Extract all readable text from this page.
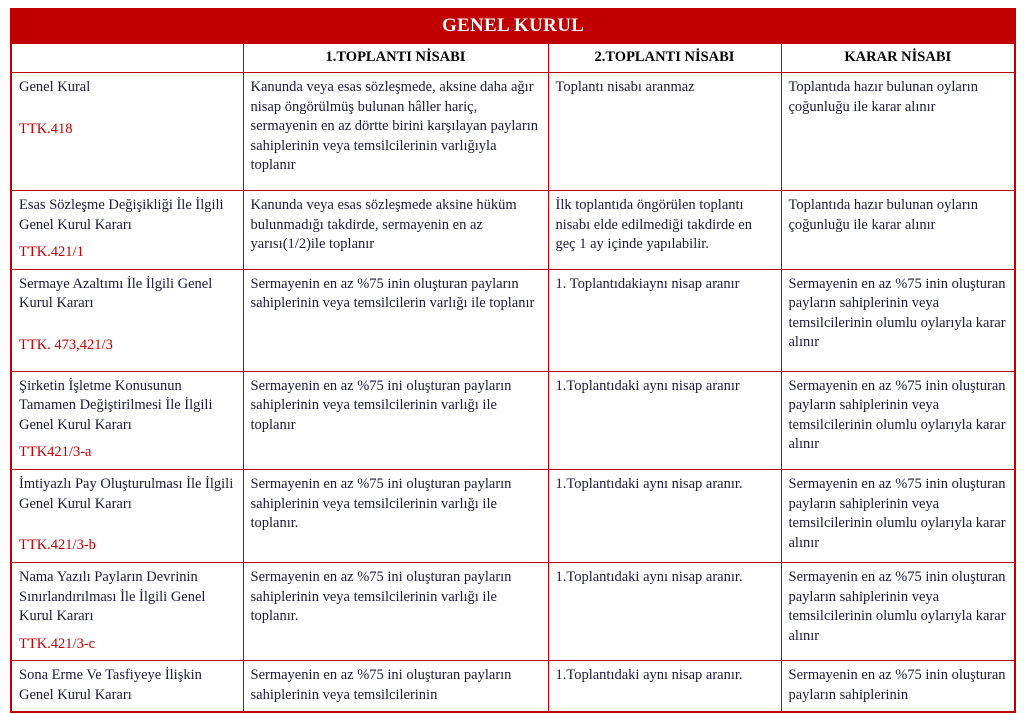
GENEL KURUL			
	1.TOPLANTI NİSABI	2.TOPLANTI NİSABI	KARAR NİSABI

Genel Kural
TTK.418	Kanunda veya esas sözleşmede, aksine daha ağır nisap öngörülmüş bulunan hâller hariç, sermayenin en az dörtte birini karşılayan payların sahiplerinin veya temsilcilerinin varlığıyla toplanır	Toplantı nisabı aranmaz	Toplantıda hazır bulunan oyların çoğunluğu ile karar alınır

Esas Sözleşme Değişikliği İle İlgili Genel Kurul Kararı
TTK.421/1	Kanunda veya esas sözleşmede aksine hüküm bulunmadığı takdirde, sermayenin en az yarısı(1/2)ile toplanır	İlk toplantıda öngörülen toplantı nisabı elde edilmediği takdirde en geç 1 ay içinde yapılabilir.	Toplantıda hazır bulunan oyların çoğunluğu ile karar alınır

Sermaye Azaltımı İle İlgili Genel Kurul Kararı
TTK. 473,421/3	Sermayenin en az %75 inin oluşturan payların sahiplerinin veya temsilcilerin varlığı ile toplanır	1. Toplantıdakiaynı nisap aranır	Sermayenin en az %75 inin oluşturan payların sahiplerinin veya temsilcilerinin olumlu oylarıyla karar alınır

Şirketin İşletme Konusunun Tamamen Değiştirilmesi İle İlgili Genel Kurul Kararı
TTK421/3-a	Sermayenin en az %75 ini oluşturan payların sahiplerinin veya temsilcilerinin varlığı ile toplanır	1.Toplantıdaki aynı nisap aranır	Sermayenin en az %75 inin oluşturan payların sahiplerinin veya temsilcilerinin olumlu oylarıyla karar alınır

İmtiyazlı Pay Oluşturulması İle İlgili Genel Kurul Kararı
TTK.421/3-b	Sermayenin en az %75 ini oluşturan payların sahiplerinin veya temsilcilerinin varlığı ile toplanır.	1.Toplantıdaki aynı nisap aranır.	Sermayenin en az %75 inin oluşturan payların sahiplerinin veya temsilcilerinin olumlu oylarıyla karar alınır

Nama Yazılı Payların Devrinin Sınırlandırılması İle İlgili Genel Kurul Kararı
TTK.421/3-c	Sermayenin en az %75 ini oluşturan payların sahiplerinin veya temsilcilerinin varlığı ile toplanır.	1.Toplantıdaki aynı nisap aranır.	Sermayenin en az %75 inin oluşturan payların sahiplerinin veya temsilcilerinin olumlu oylarıyla karar alınır

Sona Erme Ve Tasfiyeye İlişkin Genel Kurul Kararı	Sermayenin en az %75 ini oluşturan payların sahiplerinin veya temsilcilerinin	1.Toplantıdaki aynı nisap aranır.	Sermayenin en az %75 inin oluşturan payların sahiplerinin
